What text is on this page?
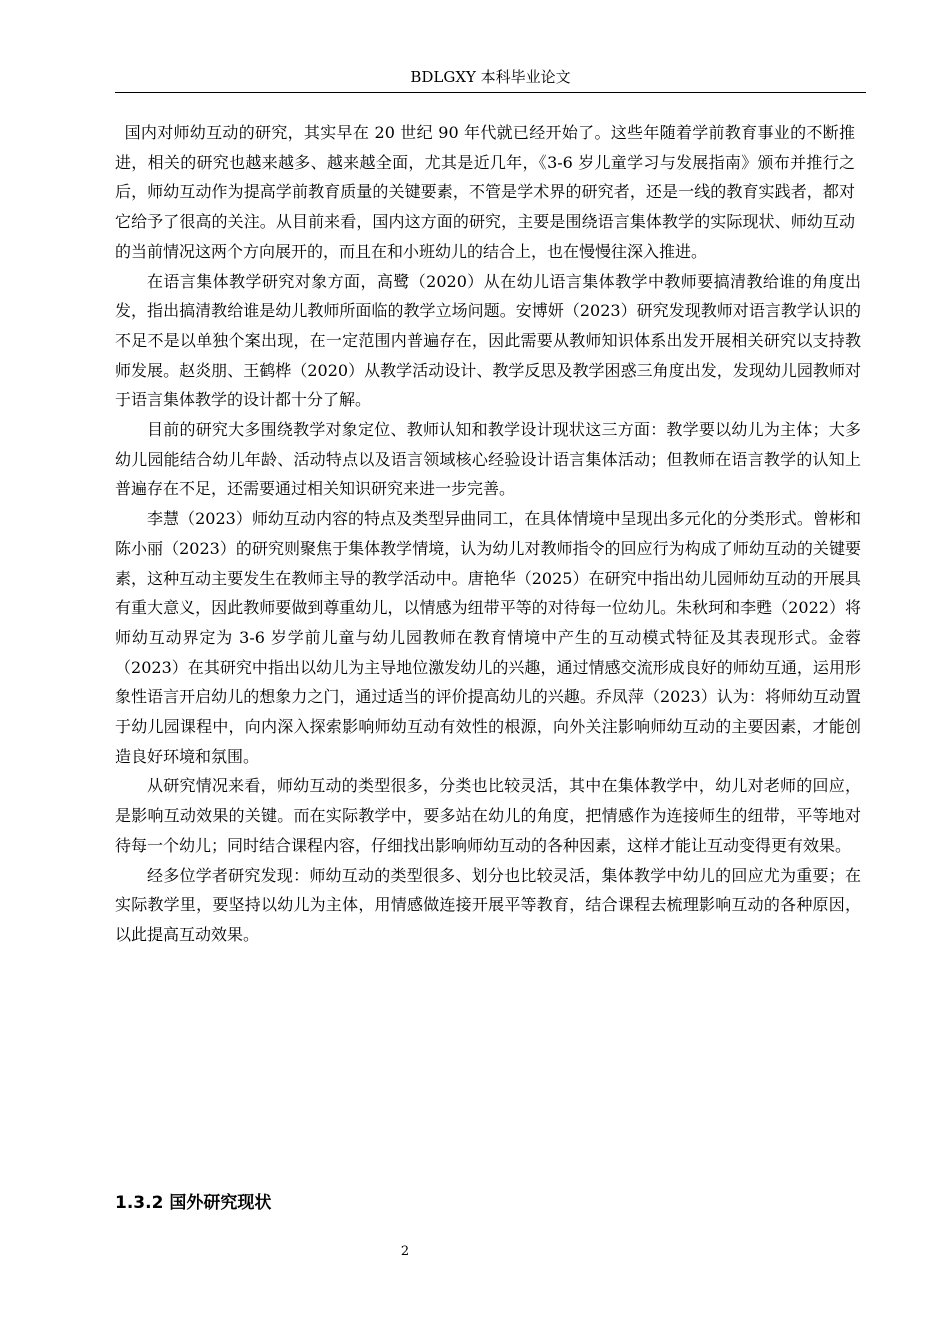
BDLGXY 本科毕业论文

国内对师幼互动的研究，其实早在 20 世纪 90 年代就已经开始了。这些年随着学前教育事业的不断推进，相关的研究也越来越多、越来越全面，尤其是近几年，《3-6 岁儿童学习与发展指南》颁布并推行之后，师幼互动作为提高学前教育质量的关键要素，不管是学术界的研究者，还是一线的教育实践者，都对它给予了很高的关注。从目前来看，国内这方面的研究，主要是围绕语言集体教学的实际现状、师幼互动的当前情况这两个方向展开的，而且在和小班幼儿的结合上，也在慢慢往深入推进。

在语言集体教学研究对象方面，高鹭（2020）从在幼儿语言集体教学中教师要搞清教给谁的角度出发，指出搞清教给谁是幼儿教师所面临的教学立场问题。安博妍（2023）研究发现教师对语言教学认识的不足不是以单独个案出现，在一定范围内普遍存在，因此需要从教师知识体系出发开展相关研究以支持教师发展。赵炎朋、王鹤桦（2020）从教学活动设计、教学反思及教学困惑三角度出发，发现幼儿园教师对于语言集体教学的设计都十分了解。

目前的研究大多围绕教学对象定位、教师认知和教学设计现状这三方面：教学要以幼儿为主体；大多幼儿园能结合幼儿年龄、活动特点以及语言领域核心经验设计语言集体活动；但教师在语言教学的认知上普遍存在不足，还需要通过相关知识研究来进一步完善。

李慧（2023）师幼互动内容的特点及类型异曲同工，在具体情境中呈现出多元化的分类形式。曾彬和陈小丽（2023）的研究则聚焦于集体教学情境，认为幼儿对教师指令的回应行为构成了师幼互动的关键要素，这种互动主要发生在教师主导的教学活动中。唐艳华（2025）在研究中指出幼儿园师幼互动的开展具有重大意义，因此教师要做到尊重幼儿，以情感为纽带平等的对待每一位幼儿。朱秋珂和李甦（2022）将师幼互动界定为 3-6 岁学前儿童与幼儿园教师在教育情境中产生的互动模式特征及其表现形式。金蓉（2023）在其研究中指出以幼儿为主导地位激发幼儿的兴趣，通过情感交流形成良好的师幼互通，运用形象性语言开启幼儿的想象力之门，通过适当的评价提高幼儿的兴趣。乔凤萍（2023）认为：将师幼互动置于幼儿园课程中，向内深入探索影响师幼互动有效性的根源，向外关注影响师幼互动的主要因素，才能创造良好环境和氛围。

从研究情况来看，师幼互动的类型很多，分类也比较灵活，其中在集体教学中，幼儿对老师的回应，是影响互动效果的关键。而在实际教学中，要多站在幼儿的角度，把情感作为连接师生的纽带，平等地对待每一个幼儿；同时结合课程内容，仔细找出影响师幼互动的各种因素，这样才能让互动变得更有效果。

经多位学者研究发现：师幼互动的类型很多、划分也比较灵活，集体教学中幼儿的回应尤为重要；在实际教学里，要坚持以幼儿为主体，用情感做连接开展平等教育，结合课程去梳理影响互动的各种原因，以此提高互动效果。

1.3.2 国外研究现状
2
